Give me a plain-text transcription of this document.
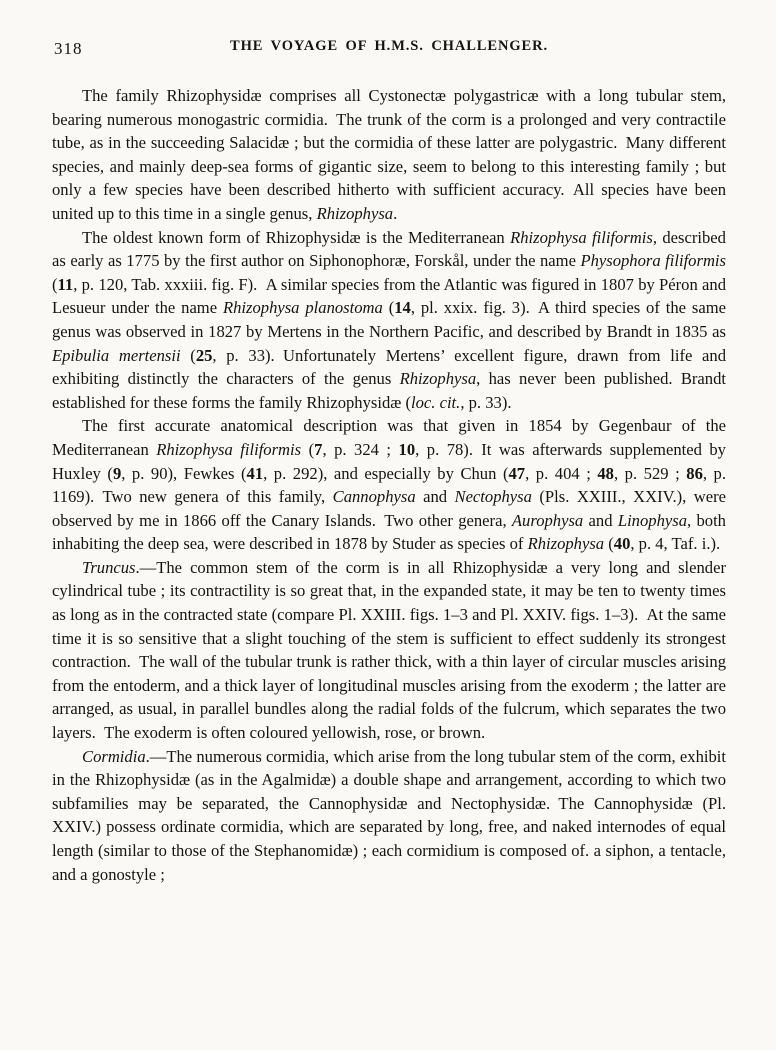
318	THE VOYAGE OF H.M.S. CHALLENGER.

The family Rhizophysidæ comprises all Cystonectæ polygastricæ with a long tubular stem, bearing numerous monogastric cormidia. The trunk of the corm is a prolonged and very contractile tube, as in the succeeding Salacidæ ; but the cormidia of these latter are polygastric. Many different species, and mainly deep-sea forms of gigantic size, seem to belong to this interesting family ; but only a few species have been described hitherto with sufficient accuracy. All species have been united up to this time in a single genus, Rhizophysa.

The oldest known form of Rhizophysidæ is the Mediterranean Rhizophysa filiformis, described as early as 1775 by the first author on Siphonophoræ, Forskål, under the name Physophora filiformis (11, p. 120, Tab. xxxiii. fig. F). A similar species from the Atlantic was figured in 1807 by Péron and Lesueur under the name Rhizophysa planostoma (14, pl. xxix. fig. 3). A third species of the same genus was observed in 1827 by Mertens in the Northern Pacific, and described by Brandt in 1835 as Epibulia mertensii (25, p. 33). Unfortunately Mertens’ excellent figure, drawn from life and exhibiting distinctly the characters of the genus Rhizophysa, has never been published. Brandt established for these forms the family Rhizophysidæ (loc. cit., p. 33).

The first accurate anatomical description was that given in 1854 by Gegenbaur of the Mediterranean Rhizophysa filiformis (7, p. 324 ; 10, p. 78). It was afterwards supplemented by Huxley (9, p. 90), Fewkes (41, p. 292), and especially by Chun (47, p. 404 ; 48, p. 529 ; 86, p. 1169). Two new genera of this family, Cannophysa and Nectophysa (Pls. XXIII., XXIV.), were observed by me in 1866 off the Canary Islands. Two other genera, Aurophysa and Linophysa, both inhabiting the deep sea, were described in 1878 by Studer as species of Rhizophysa (40, p. 4, Taf. i.).

Truncus.—The common stem of the corm is in all Rhizophysidæ a very long and slender cylindrical tube ; its contractility is so great that, in the expanded state, it may be ten to twenty times as long as in the contracted state (compare Pl. XXIII. figs. 1–3 and Pl. XXIV. figs. 1–3). At the same time it is so sensitive that a slight touching of the stem is sufficient to effect suddenly its strongest contraction. The wall of the tubular trunk is rather thick, with a thin layer of circular muscles arising from the entoderm, and a thick layer of longitudinal muscles arising from the exoderm ; the latter are arranged, as usual, in parallel bundles along the radial folds of the fulcrum, which separates the two layers. The exoderm is often coloured yellowish, rose, or brown.

Cormidia.—The numerous cormidia, which arise from the long tubular stem of the corm, exhibit in the Rhizophysidæ (as in the Agalmidæ) a double shape and arrangement, according to which two subfamilies may be separated, the Cannophysidæ and Nectophysidæ. The Cannophysidæ (Pl. XXIV.) possess ordinate cormidia, which are separated by long, free, and naked internodes of equal length (similar to those of the Stephanomidæ) ; each cormidium is composed of. a siphon, a tentacle, and a gonostyle ;
